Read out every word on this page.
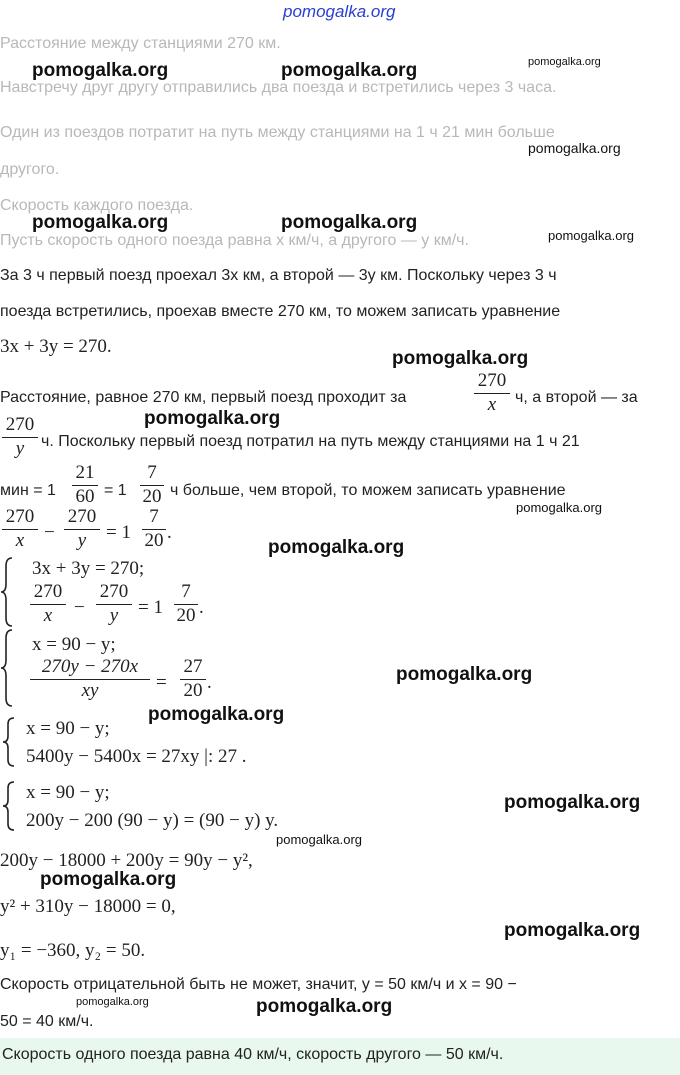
pomogalka.org
Расстояние между станциями 270 км.
Навстречу друг другу отправились два поезда и встретились через 3 часа.
Один из поездов потратит на путь между станциями на 1 ч 21 мин больше
другого.
Скорость каждого поезда.
Пусть скорость одного поезда равна x км/ч, а другого — y км/ч.
За 3 ч первый поезд проехал 3x км, а второй — 3y км. Поскольку через 3 ч
поезда встретились, проехав вместе 270 км, то можем записать уравнение
3x + 3y = 270.
Расстояние, равное 270 км, первый поезд проходит за
270
x	ч, а второй — за
270
y	ч. Поскольку первый поезд потратил на путь между станциями на 1 ч 21
мин = 1
21
60 = 1
7
20 ч больше, чем второй, то можем записать уравнение
270
x	−
270
y	= 1
7
20 .
3x + 3y = 270;
270
x	−
270
y	= 1
7
20 .
x = 90 − y;
270y − 270x
xy	=
27
20 .
x = 90 − y;
5400y − 5400x = 27xy |: 27 .
x = 90 − y;
200y − 200 (90 − y) = (90 − y) y.
200y − 18000 + 200y = 90y − y²,
y² + 310y − 18000 = 0,
y₁ = −360, y₂ = 50.
Скорость отрицательной быть не может, значит, y = 50 км/ч и x = 90 −
50 = 40 км/ч.
Скорость одного поезда равна 40 км/ч, скорость другого — 50 км/ч.
pomogalka.org	pomogalka.org	pomogalka.org
pomogalka.org
pomogalka.org	pomogalka.org
pomogalka.org
pomogalka.org
pomogalka.org
pomogalka.org
pomogalka.org
pomogalka.org
pomogalka.org
pomogalka.org
pomogalka.org
pomogalka.org
pomogalka.org
pomogalka.org	pomogalka.org
